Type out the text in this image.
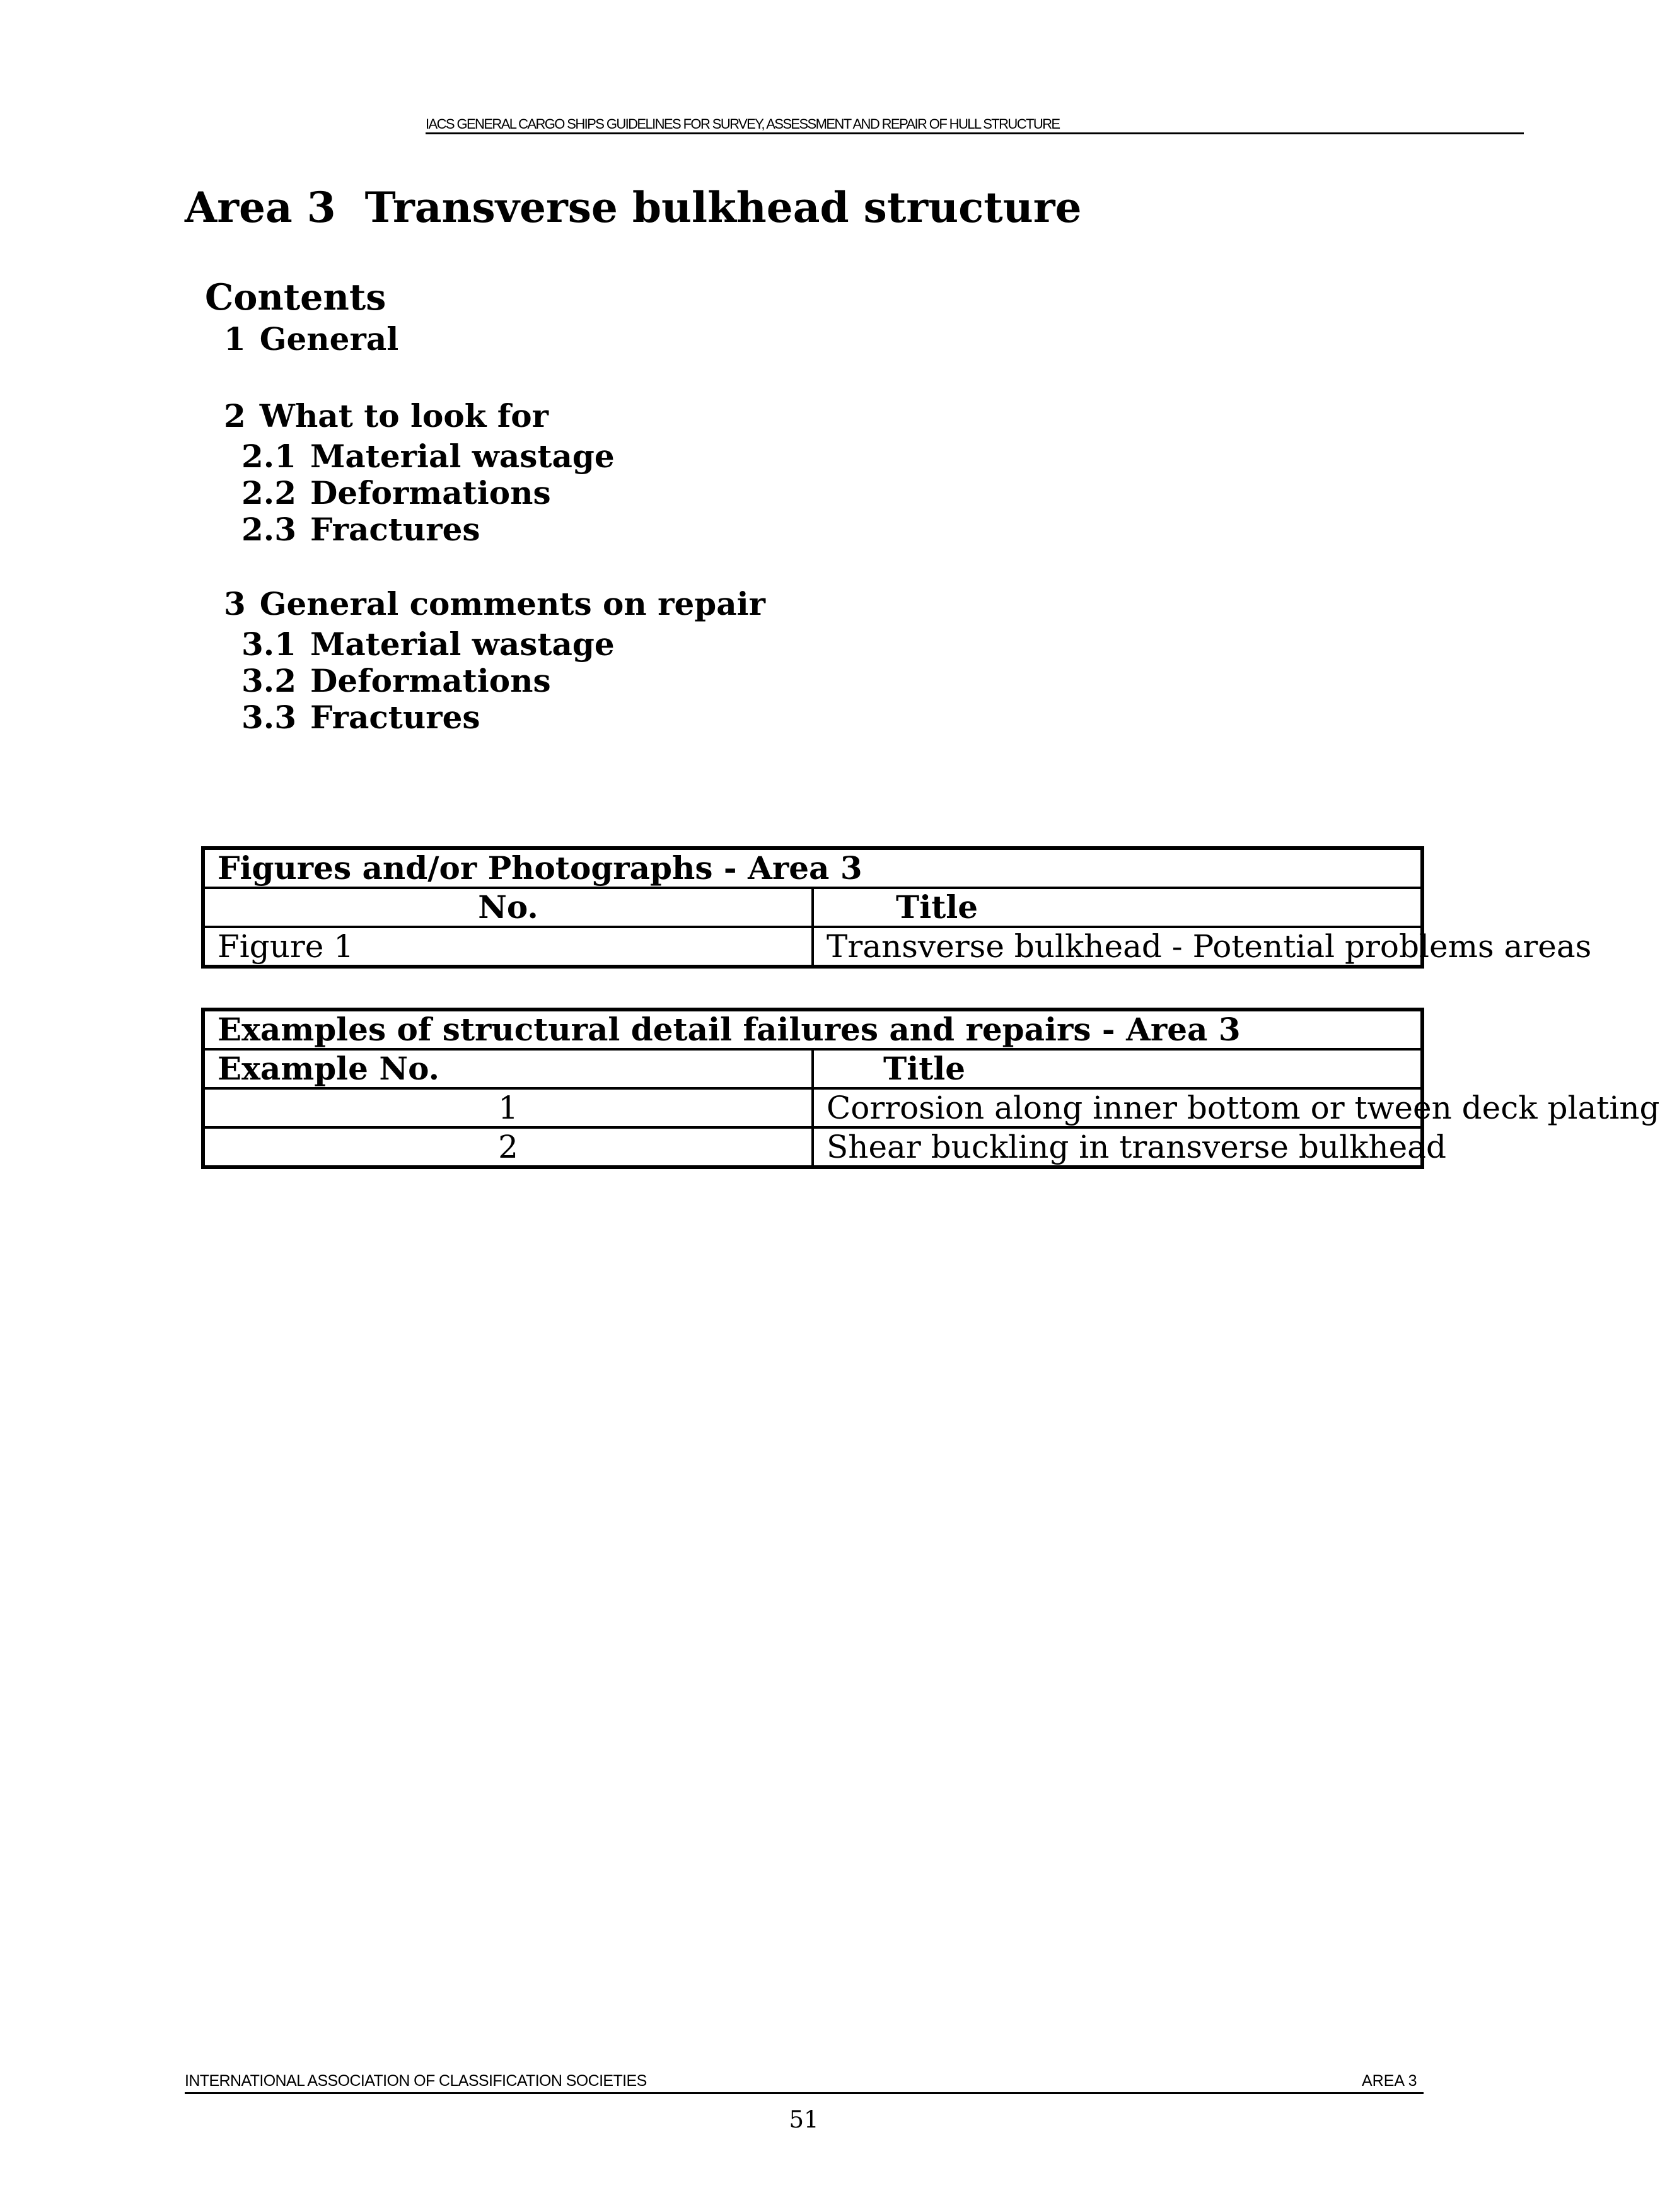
IACS GENERAL CARGO SHIPS GUIDELINES FOR SURVEY, ASSESSMENT AND REPAIR OF HULL STRUCTURE
Area 3 Transverse bulkhead structure
Contents
1 General
2 What to look for
2.1 Material wastage
2.2 Deformations
2.3 Fractures
3 General comments on repair
3.1 Material wastage
3.2 Deformations
3.3 Fractures
Figures and/or Photographs - Area 3	
No.	Title
Figure 1	Transverse bulkhead - Potential problems areas
Examples of structural detail failures and repairs - Area 3	
Example No.	Title
1	Corrosion along inner bottom or tween deck plating
2	Shear buckling in transverse bulkhead
INTERNATIONAL ASSOCIATION OF CLASSIFICATION SOCIETIES	AREA 3
51
